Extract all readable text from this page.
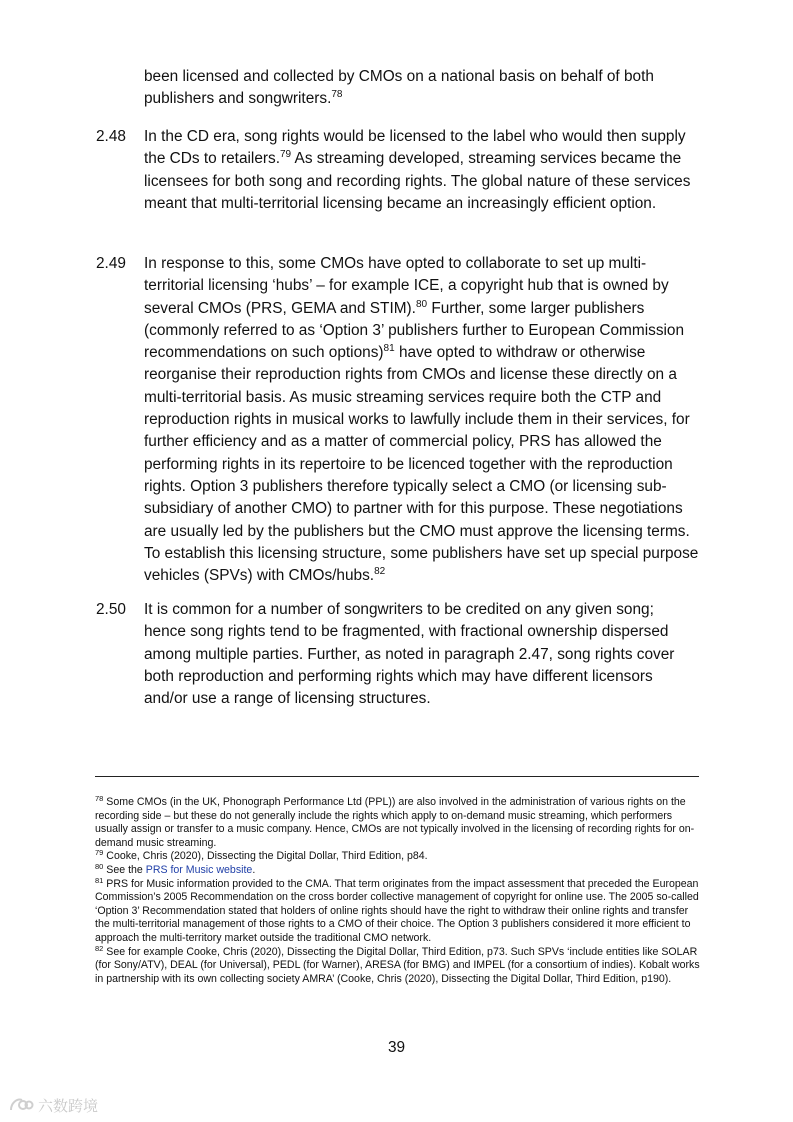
been licensed and collected by CMOs on a national basis on behalf of both publishers and songwriters.$^{78}$
2.48 In the CD era, song rights would be licensed to the label who would then supply the CDs to retailers.$^{79}$ As streaming developed, streaming services became the licensees for both song and recording rights. The global nature of these services meant that multi-territorial licensing became an increasingly efficient option.
2.49 In response to this, some CMOs have opted to collaborate to set up multi-territorial licensing ‘hubs’ – for example ICE, a copyright hub that is owned by several CMOs (PRS, GEMA and STIM).$^{80}$ Further, some larger publishers (commonly referred to as ‘Option 3’ publishers further to European Commission recommendations on such options)$^{81}$ have opted to withdraw or otherwise reorganise their reproduction rights from CMOs and license these directly on a multi-territorial basis. As music streaming services require both the CTP and reproduction rights in musical works to lawfully include them in their services, for further efficiency and as a matter of commercial policy, PRS has allowed the performing rights in its repertoire to be licenced together with the reproduction rights. Option 3 publishers therefore typically select a CMO (or licensing sub-subsidiary of another CMO) to partner with for this purpose. These negotiations are usually led by the publishers but the CMO must approve the licensing terms. To establish this licensing structure, some publishers have set up special purpose vehicles (SPVs) with CMOs/hubs.$^{82}$
2.50 It is common for a number of songwriters to be credited on any given song; hence song rights tend to be fragmented, with fractional ownership dispersed among multiple parties. Further, as noted in paragraph 2.47, song rights cover both reproduction and performing rights which may have different licensors and/or use a range of licensing structures.

$^{78}$ Some CMOs (in the UK, Phonograph Performance Ltd (PPL)) are also involved in the administration of various rights on the recording side – but these do not generally include the rights which apply to on-demand music streaming, which performers usually assign or transfer to a music company. Hence, CMOs are not typically involved in the licensing of recording rights for on-demand music streaming.

$^{79}$ Cooke, Chris (2020), Dissecting the Digital Dollar, Third Edition, p84.

$^{80}$ See the PRS for Music website.

$^{81}$ PRS for Music information provided to the CMA. That term originates from the impact assessment that preceded the European Commission’s 2005 Recommendation on the cross border collective management of copyright for online use. The 2005 so-called ‘Option 3’ Recommendation stated that holders of online rights should have the right to withdraw their online rights and transfer the multi-territorial management of those rights to a CMO of their choice. The Option 3 publishers considered it more efficient to approach the multi-territory market outside the traditional CMO network.

$^{82}$ See for example Cooke, Chris (2020), Dissecting the Digital Dollar, Third Edition, p73. Such SPVs ‘include entities like SOLAR (for Sony/ATV), DEAL (for Universal), PEDL (for Warner), ARESA (for BMG) and IMPEL (for a consortium of indies). Kobalt works in partnership with its own collecting society AMRA’ (Cooke, Chris (2020), Dissecting the Digital Dollar, Third Edition, p190).

39
六数跨境
